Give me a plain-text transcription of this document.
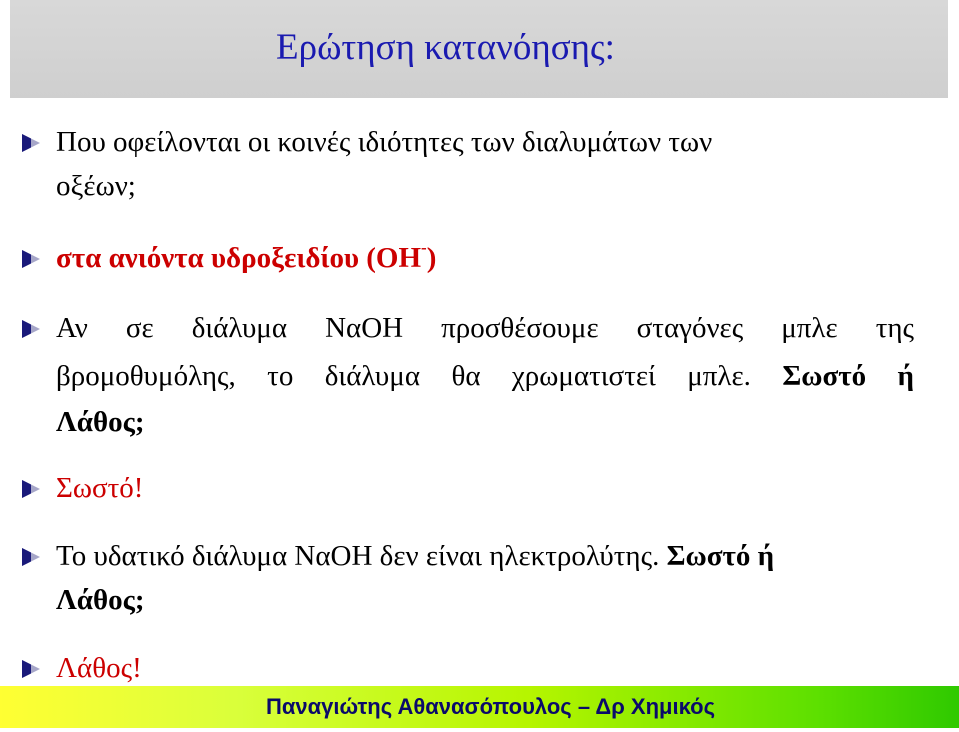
Ερώτηση κατανόησης:
Που οφείλονται οι κοινές ιδιότητες των διαλυμάτων των
οξέων;
στα ανιόντα υδροξειδίου (ΟΗ-)
Αν σε διάλυμα ΝαΟΗ προσθέσουμε σταγόνες μπλε της
βρομοθυμόλης, το διάλυμα θα χρωματιστεί μπλε. Σωστό ή
Λάθος;
Σωστό!
Το υδατικό διάλυμα ΝαΟΗ δεν είναι ηλεκτρολύτης. Σωστό ή
Λάθος;
Λάθος!
Παναγιώτης Αθανασόπουλος – Δρ Χημικός
